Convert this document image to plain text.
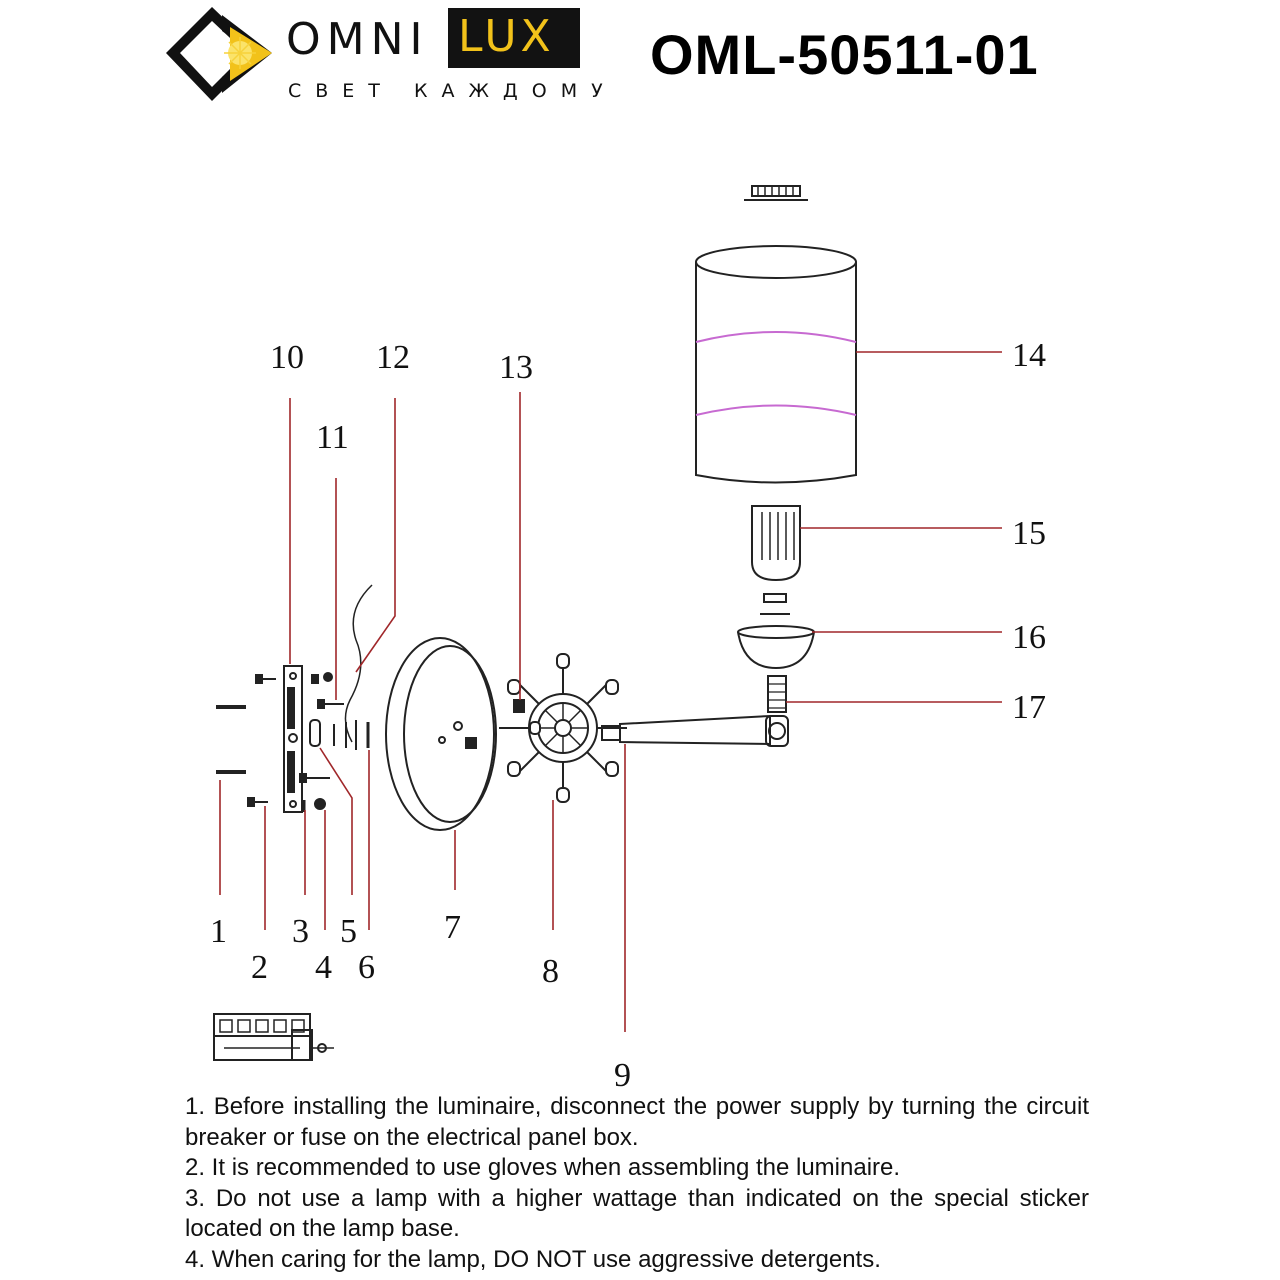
OMNI LUX
СВЕТ КАЖДОМУ
OML-50511-01
1
2
3
4
5
6
7
8
9
10
11
12	13	14
15
16
17

1. Before installing the luminaire, disconnect the power supply by turning the circuit breaker or fuse on the electrical panel box.

2. It is recommended to use gloves when assembling the luminaire.

3. Do not use a lamp with a higher wattage than indicated on the special sticker located on the lamp base.

4. When caring for the lamp, DO NOT use aggressive detergents.
